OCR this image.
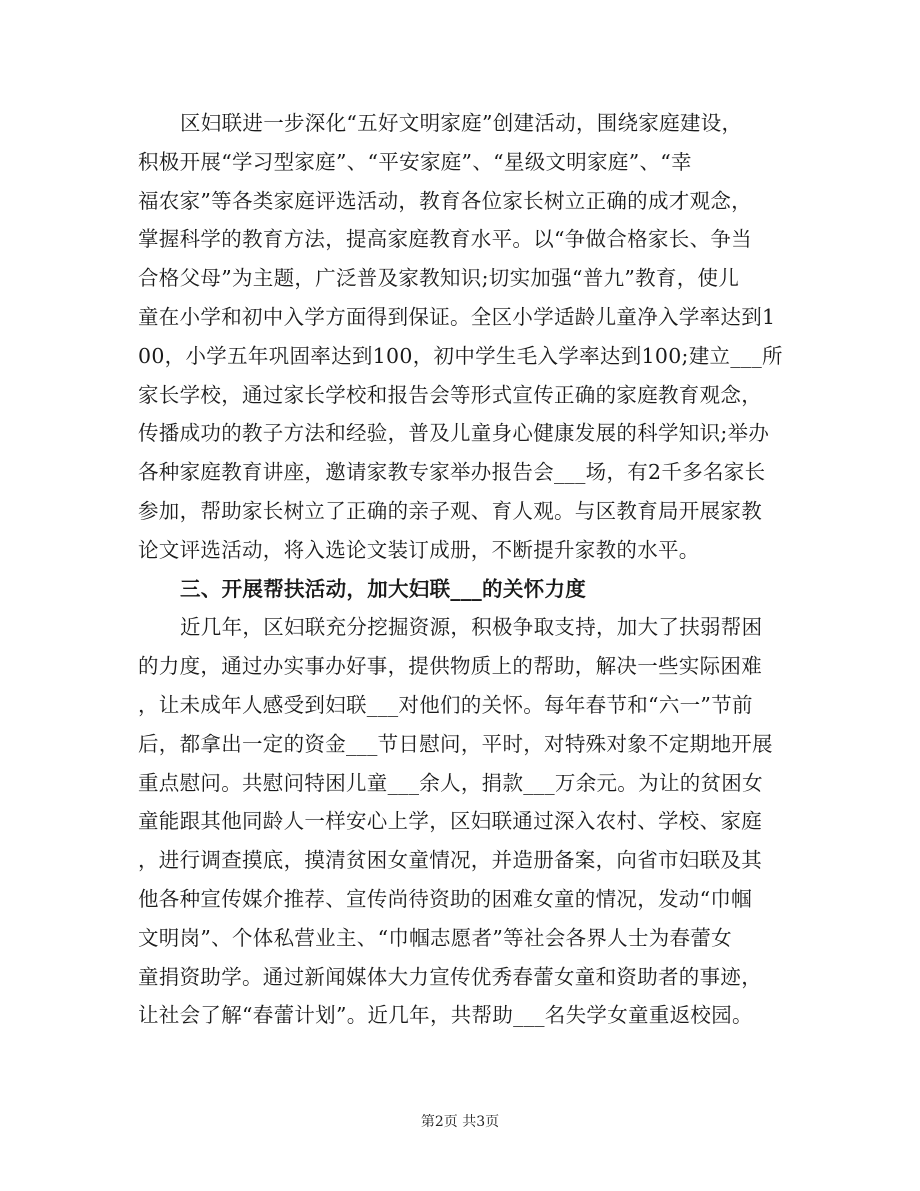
区妇联进一步深化“五好文明家庭”创建活动，围绕家庭建设，
积极开展“学习型家庭”、“平安家庭”、“星级文明家庭”、“幸
福农家”等各类家庭评选活动，教育各位家长树立正确的成才观念，
掌握科学的教育方法，提高家庭教育水平。以“争做合格家长、争当
合格父母”为主题，广泛普及家教知识;切实加强“普九”教育，使儿
童在小学和初中入学方面得到保证。全区小学适龄儿童净入学率达到1
00，小学五年巩固率达到100，初中学生毛入学率达到100;建立___所
家长学校，通过家长学校和报告会等形式宣传正确的家庭教育观念，
传播成功的教子方法和经验，普及儿童身心健康发展的科学知识;举办
各种家庭教育讲座，邀请家教专家举办报告会___场，有2千多名家长
参加，帮助家长树立了正确的亲子观、育人观。与区教育局开展家教
论文评选活动，将入选论文装订成册，不断提升家教的水平。
三、开展帮扶活动，加大妇联___的关怀力度
近几年，区妇联充分挖掘资源，积极争取支持，加大了扶弱帮困
的力度，通过办实事办好事，提供物质上的帮助，解决一些实际困难
，让未成年人感受到妇联___对他们的关怀。每年春节和“六一”节前
后，都拿出一定的资金___节日慰问，平时，对特殊对象不定期地开展
重点慰问。共慰问特困儿童___余人，捐款___万余元。为让的贫困女
童能跟其他同龄人一样安心上学，区妇联通过深入农村、学校、家庭
，进行调查摸底，摸清贫困女童情况，并造册备案，向省市妇联及其
他各种宣传媒介推荐、宣传尚待资助的困难女童的情况，发动“巾帼
文明岗”、个体私营业主、“巾帼志愿者”等社会各界人士为春蕾女
童捐资助学。通过新闻媒体大力宣传优秀春蕾女童和资助者的事迹，
让社会了解“春蕾计划”。近几年，共帮助___名失学女童重返校园。
第2页 共3页
